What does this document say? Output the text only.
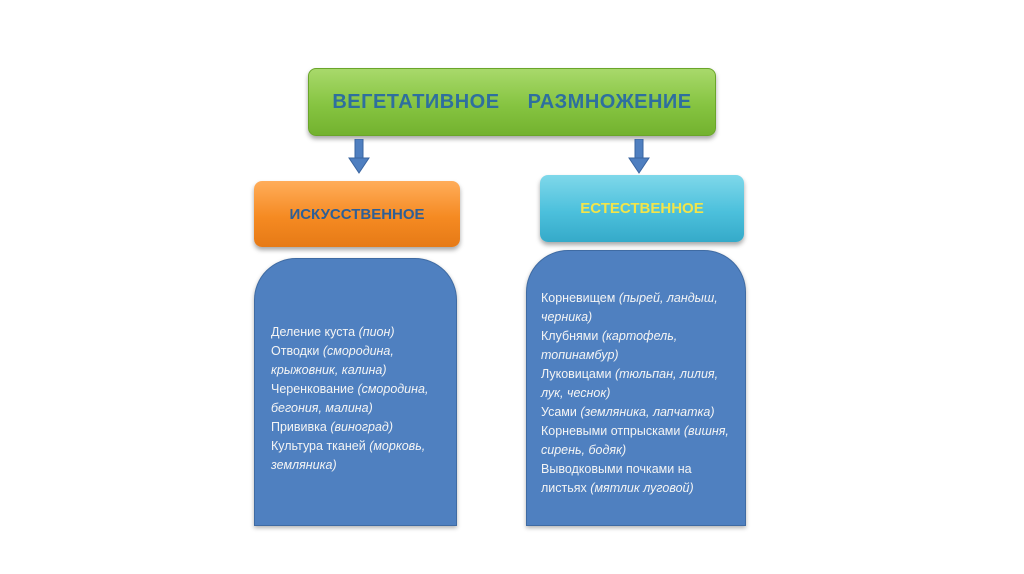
ВЕГЕТАТИВНОЕ РАЗМНОЖЕНИЕ
ИСКУССТВЕННОЕ	ЕСТЕСТВЕННОЕ
Деление куста (пион)
Отводки (смородина, крыжовник, калина)
Черенкование (смородина, бегония, малина)
Прививка (виноград)
Культура тканей (морковь, земляника)
Корневищем (пырей, ландыш, черника)
Клубнями (картофель, топинамбур)
Луковицами (тюльпан, лилия, лук, чеснок)
Усами (земляника, лапчатка)
Корневыми отпрысками (вишня, сирень, бодяк)
Выводковыми почками на листьях (мятлик луговой)
